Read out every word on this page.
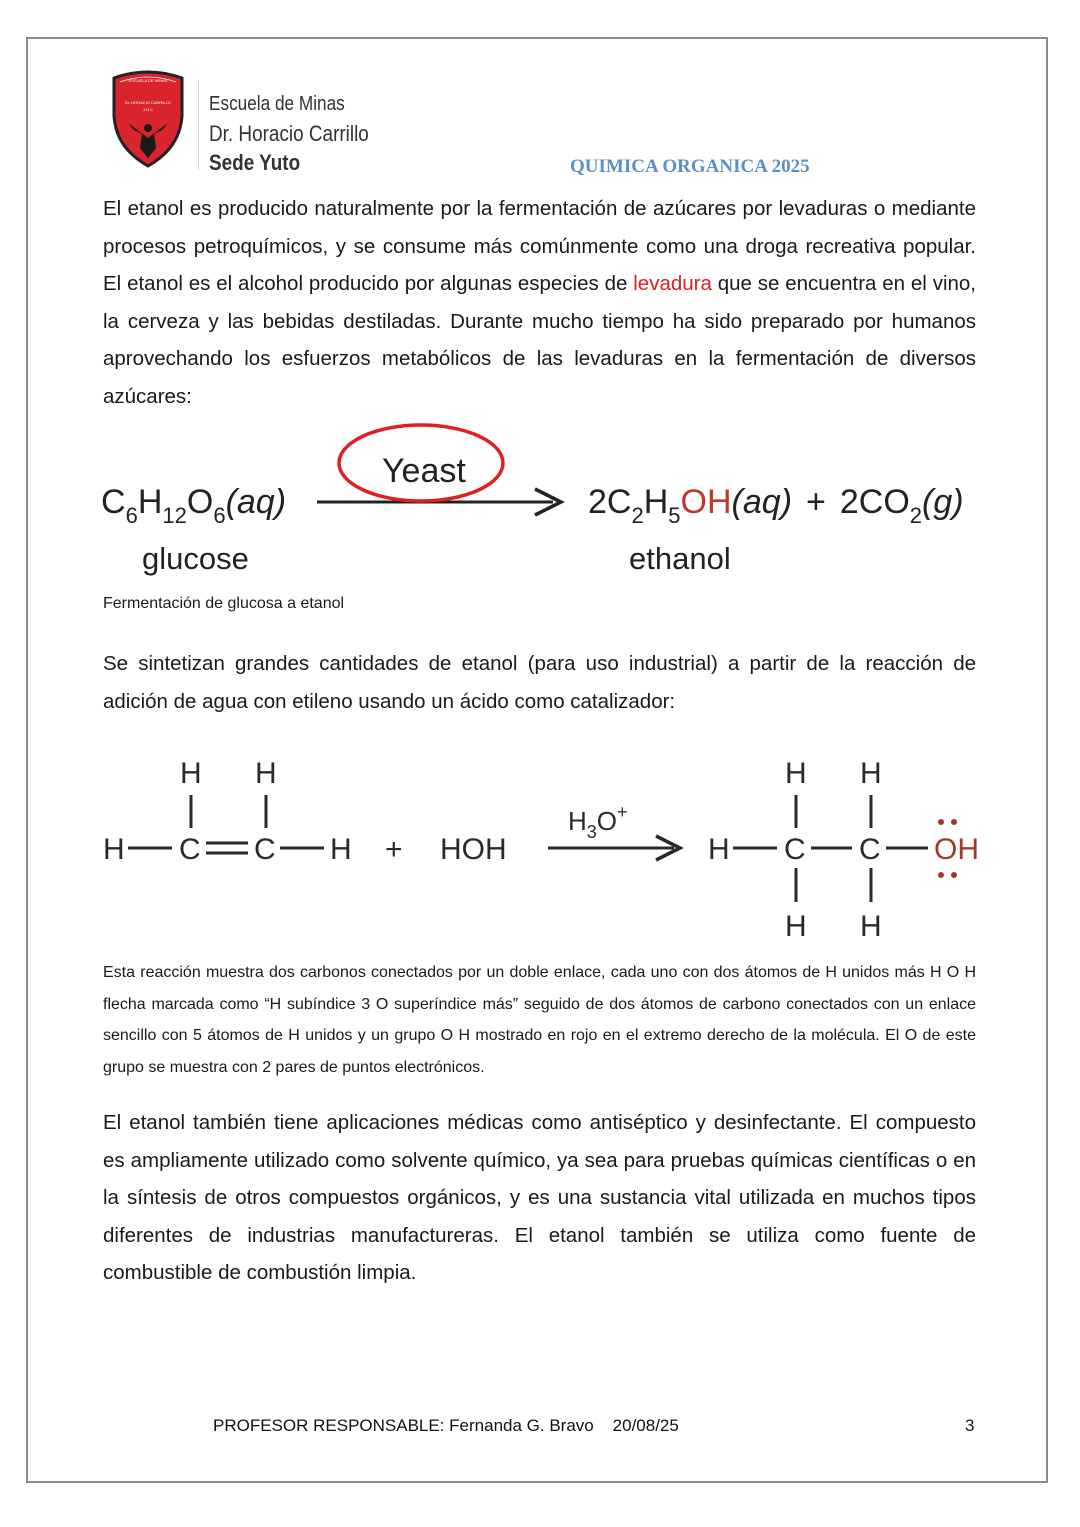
ESCUELA DE MINAS
Dr. HORACIO CARRILLO
J.N.C	Escuela de Minas
Dr. Horacio Carrillo
Sede Yuto	QUIMICA ORGANICA 2025

El etanol es producido naturalmente por la fermentación de azúcares por levaduras o mediante procesos petroquímicos, y se consume más comúnmente como una droga recreativa popular. El etanol es el alcohol producido por algunas especies de levadura que se encuentra en el vino, la cerveza y las bebidas destiladas. Durante mucho tiempo ha sido preparado por humanos aprovechando los esfuerzos metabólicos de las levaduras en la fermentación de diversos azúcares:

$C_6H_{12}O_6(aq)$
Yeast
$2C_2H_5OH(aq) + 2CO_2(g)$
glucose	ethanol
Fermentación de glucosa a etanol

Se sintetizan grandes cantidades de etanol (para uso industrial) a partir de la reacción de adición de agua con etileno usando un ácido como catalizador:

H H
H C C H + HOH
H H
H C C
H H
OH
$H_3O^+$

Esta reacción muestra dos carbonos conectados por un doble enlace, cada uno con dos átomos de H unidos más H O H flecha marcada como “H subíndice 3 O superíndice más” seguido de dos átomos de carbono conectados con un enlace sencillo con 5 átomos de H unidos y un grupo O H mostrado en rojo en el extremo derecho de la molécula. El O de este grupo se muestra con 2 pares de puntos electrónicos.

El etanol también tiene aplicaciones médicas como antiséptico y desinfectante. El compuesto es ampliamente utilizado como solvente químico, ya sea para pruebas químicas científicas o en la síntesis de otros compuestos orgánicos, y es una sustancia vital utilizada en muchos tipos diferentes de industrias manufactureras. El etanol también se utiliza como fuente de combustible de combustión limpia.

PROFESOR RESPONSABLE: Fernanda G. Bravo 20/08/25	3
